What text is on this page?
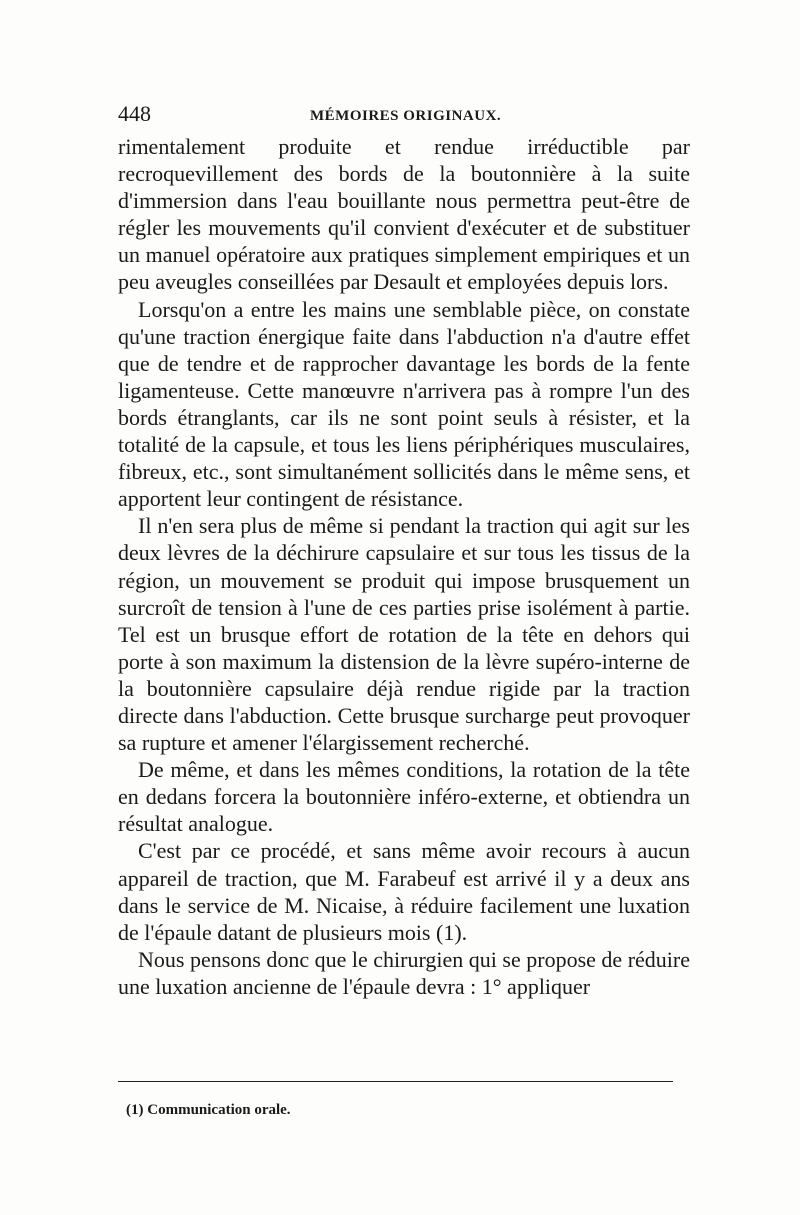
448	MÉMOIRES ORIGINAUX.

rimentalement produite et rendue irréductible par recroquevillement des bords de la boutonnière à la suite d'immersion dans l'eau bouillante nous permettra peut-être de régler les mouvements qu'il convient d'exécuter et de substituer un manuel opératoire aux pratiques simplement empiriques et un peu aveugles conseillées par Desault et employées depuis lors.

Lorsqu'on a entre les mains une semblable pièce, on constate qu'une traction énergique faite dans l'abduction n'a d'autre effet que de tendre et de rapprocher davantage les bords de la fente ligamenteuse. Cette manœuvre n'arrivera pas à rompre l'un des bords étranglants, car ils ne sont point seuls à résister, et la totalité de la capsule, et tous les liens périphériques musculaires, fibreux, etc., sont simultanément sollicités dans le même sens, et apportent leur contingent de résistance.

Il n'en sera plus de même si pendant la traction qui agit sur les deux lèvres de la déchirure capsulaire et sur tous les tissus de la région, un mouvement se produit qui impose brusquement un surcroît de tension à l'une de ces parties prise isolément à partie. Tel est un brusque effort de rotation de la tête en dehors qui porte à son maximum la distension de la lèvre supéro-interne de la boutonnière capsulaire déjà rendue rigide par la traction directe dans l'abduction. Cette brusque surcharge peut provoquer sa rupture et amener l'élargissement recherché.

De même, et dans les mêmes conditions, la rotation de la tête en dedans forcera la boutonnière inféro-externe, et obtiendra un résultat analogue.

C'est par ce procédé, et sans même avoir recours à aucun appareil de traction, que M. Farabeuf est arrivé il y a deux ans dans le service de M. Nicaise, à réduire facilement une luxation de l'épaule datant de plusieurs mois (1).

Nous pensons donc que le chirurgien qui se propose de réduire une luxation ancienne de l'épaule devra : 1° appliquer

(1) Communication orale.
